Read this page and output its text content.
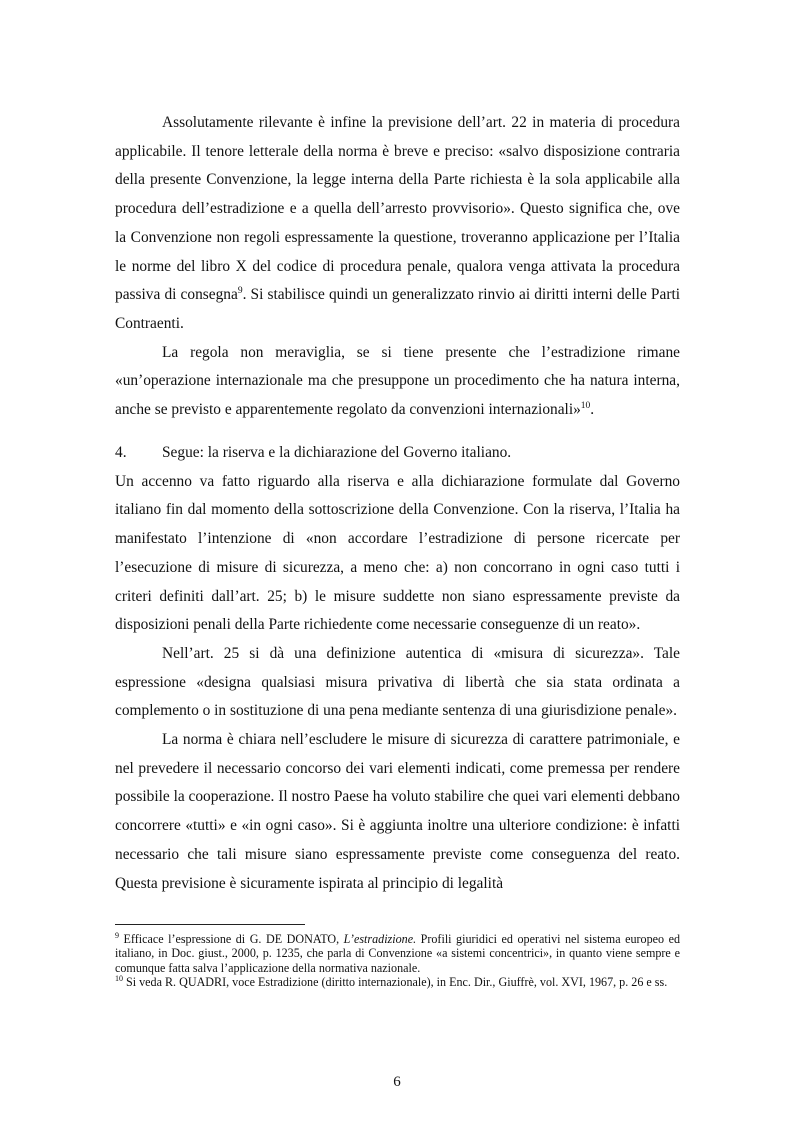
Assolutamente rilevante è infine la previsione dell’art. 22 in materia di procedura applicabile. Il tenore letterale della norma è breve e preciso: «salvo disposizione contraria della presente Convenzione, la legge interna della Parte richiesta è la sola applicabile alla procedura dell’estradizione e a quella dell’arresto provvisorio». Questo significa che, ove la Convenzione non regoli espressamente la questione, troveranno applicazione per l’Italia le norme del libro X del codice di procedura penale, qualora venga attivata la procedura passiva di consegna$^9$. Si stabilisce quindi un generalizzato rinvio ai diritti interni delle Parti Contraenti.

La regola non meraviglia, se si tiene presente che l’estradizione rimane «un’operazione internazionale ma che presuppone un procedimento che ha natura interna, anche se previsto e apparentemente regolato da convenzioni internazionali»$^{10}$.

4. Segue: la riserva e la dichiarazione del Governo italiano.

Un accenno va fatto riguardo alla riserva e alla dichiarazione formulate dal Governo italiano fin dal momento della sottoscrizione della Convenzione. Con la riserva, l’Italia ha manifestato l’intenzione di «non accordare l’estradizione di persone ricercate per l’esecuzione di misure di sicurezza, a meno che: a) non concorrano in ogni caso tutti i criteri definiti dall’art. 25; b) le misure suddette non siano espressamente previste da disposizioni penali della Parte richiedente come necessarie conseguenze di un reato».

Nell’art. 25 si dà una definizione autentica di «misura di sicurezza». Tale espressione «designa qualsiasi misura privativa di libertà che sia stata ordinata a complemento o in sostituzione di una pena mediante sentenza di una giurisdizione penale».

La norma è chiara nell’escludere le misure di sicurezza di carattere patrimoniale, e nel prevedere il necessario concorso dei vari elementi indicati, come premessa per rendere possibile la cooperazione. Il nostro Paese ha voluto stabilire che quei vari elementi debbano concorrere «tutti» e «in ogni caso». Si è aggiunta inoltre una ulteriore condizione: è infatti necessario che tali misure siano espressamente previste come conseguenza del reato. Questa previsione è sicuramente ispirata al principio di legalità

$^9$ Efficace l’espressione di G. DE DONATO, L’estradizione. Profili giuridici ed operativi nel sistema europeo ed italiano, in Doc. giust., 2000, p. 1235, che parla di Convenzione «a sistemi concentrici», in quanto viene sempre e comunque fatta salva l’applicazione della normativa nazionale.

$^{10}$ Si veda R. QUADRI, voce Estradizione (diritto internazionale), in Enc. Dir., Giuffrè, vol. XVI, 1967, p. 26 e ss.

6
